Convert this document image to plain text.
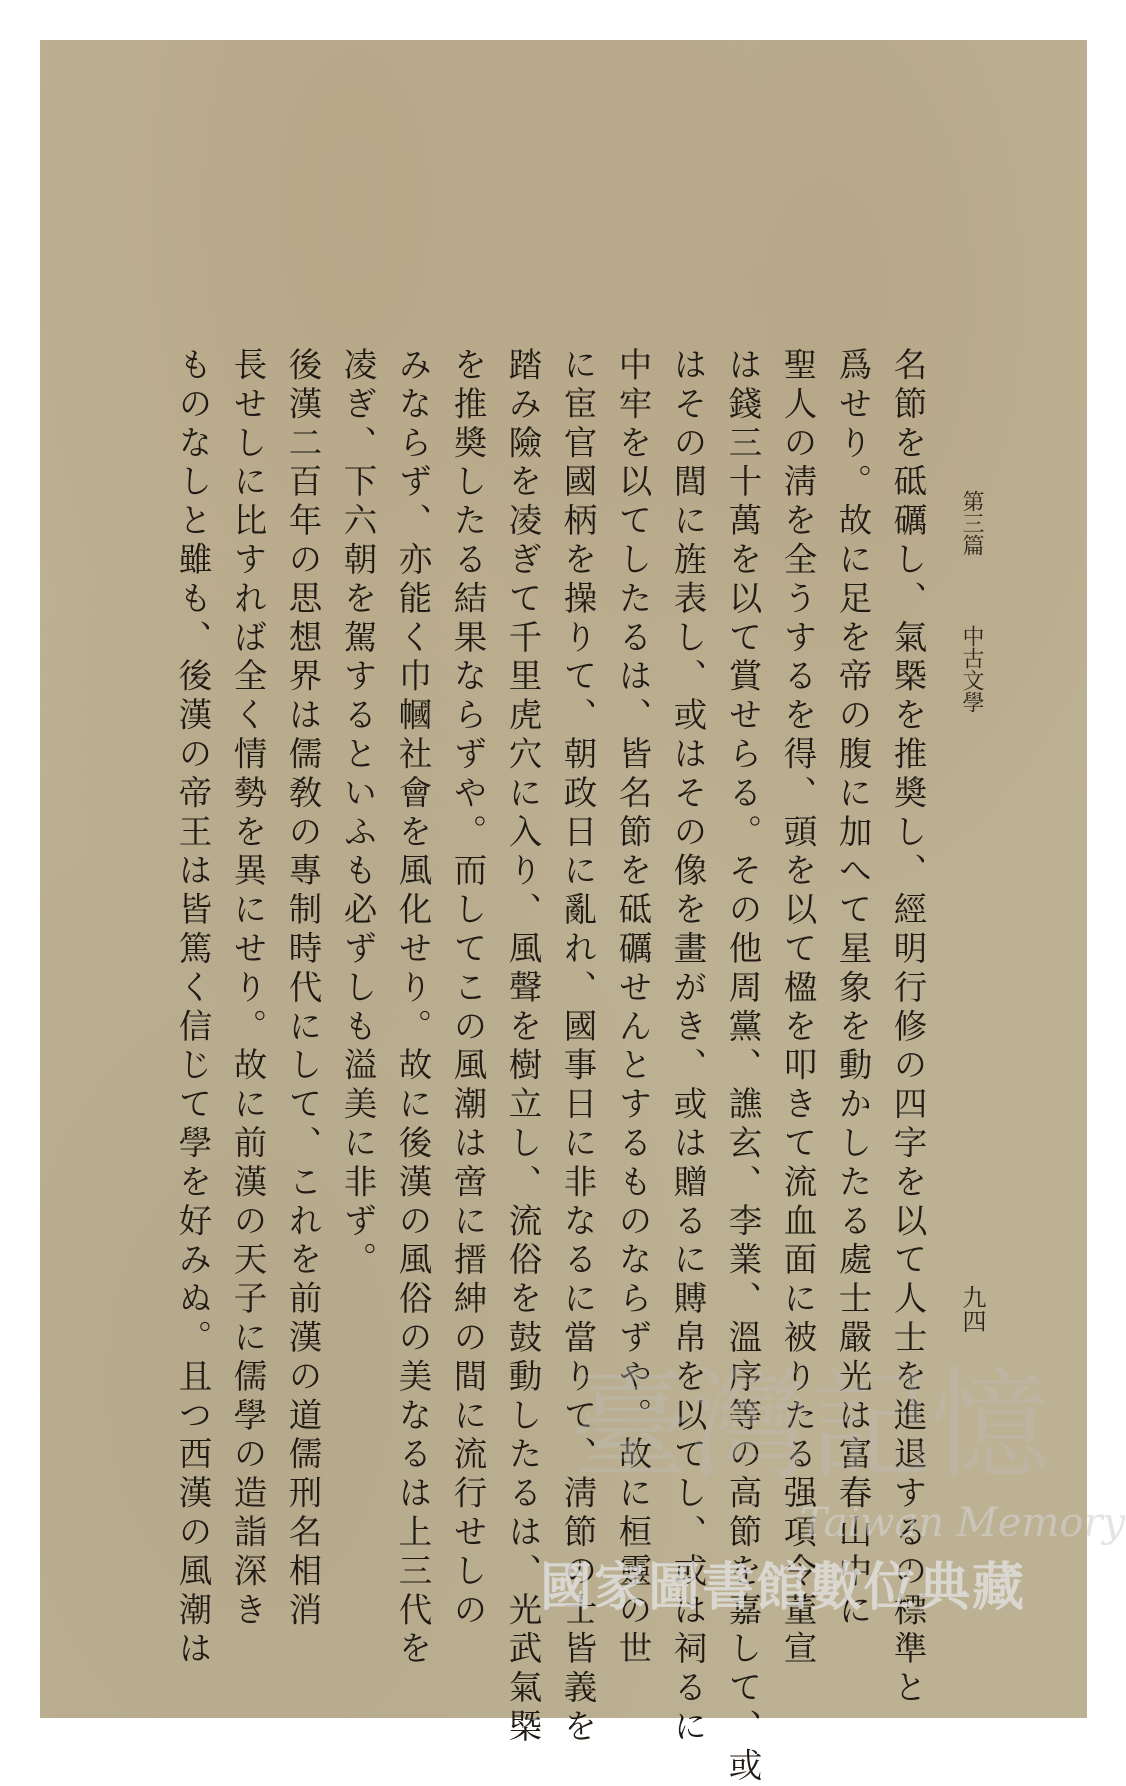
第三篇
中古文學
九四
名節を砥礪し、氣槩を推奬し、經明行修の四字を以て人士を進退するの標準と
爲せり。故に足を帝の腹に加へて星象を動かしたる處士嚴光は富春山中に
聖人の淸を全うするを得、頭を以て楹を叩きて流血面に被りたる强項令董宣
は錢三十萬を以て賞せらる。その他周黨、譙玄、李業、溫序等の高節を嘉して、或
はその閭に旌表し、或はその像を畫がき、或は贈るに賻帛を以てし、或は祠るに
中牢を以てしたるは、皆名節を砥礪せんとするものならずや。故に桓靈の世
に宦官國柄を操りて、朝政日に亂れ、國事日に非なるに當りて、淸節の士皆義を
踏み險を凌ぎて千里虎穴に入り、風聲を樹立し、流俗を鼓動したるは、光武氣槩
を推奬したる結果ならずや。而してこの風潮は啻に搢紳の間に流行せしの
みならず、亦能く巾幗社會を風化せり。故に後漢の風俗の美なるは上三代を
凌ぎ、下六朝を駕するといふも必ずしも溢美に非ず。
後漢二百年の思想界は儒敎の專制時代にして、これを前漢の道儒刑名相消
長せしに比すれば全く情勢を異にせり。故に前漢の天子に儒學の造詣深き
ものなしと雖も、後漢の帝王は皆篤く信じて學を好みぬ。且つ西漢の風潮は	臺灣記憶
Taiwan Memory
國家圖書館數位典藏
